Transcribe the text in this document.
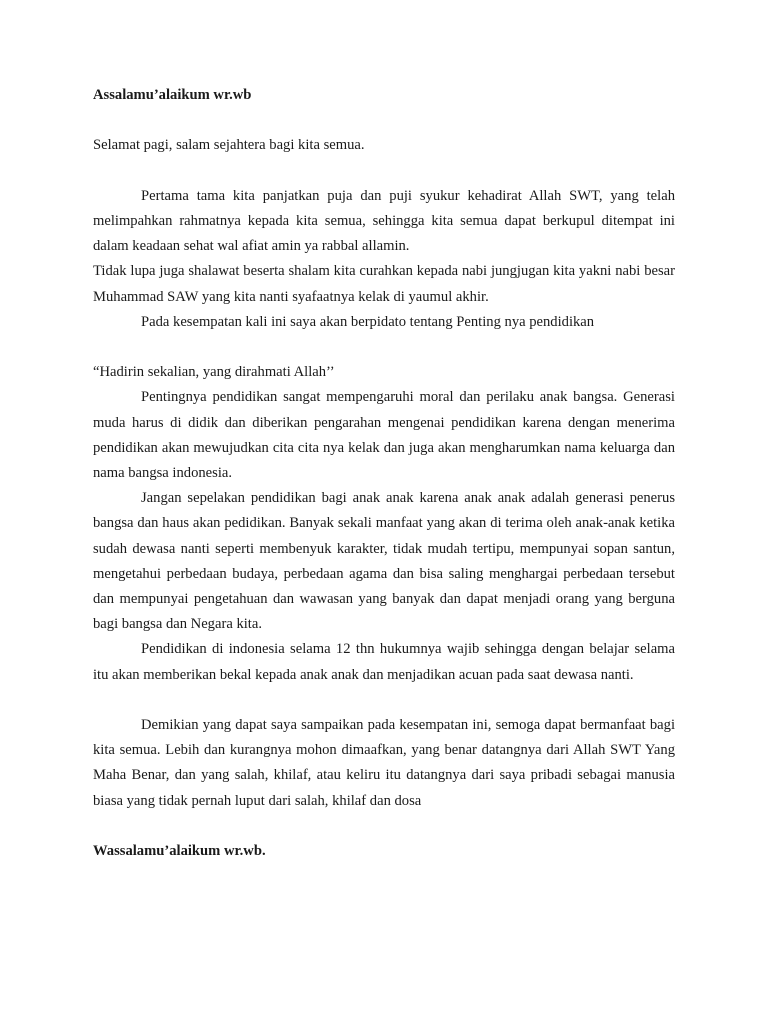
Assalamu’alaikum wr.wb

Selamat pagi, salam sejahtera bagi kita semua.

Pertama tama kita panjatkan puja dan puji syukur kehadirat Allah SWT, yang telah melimpahkan rahmatnya kepada kita semua, sehingga kita semua dapat berkupul ditempat ini dalam keadaan sehat wal afiat amin ya rabbal allamin.

Tidak lupa juga shalawat beserta shalam kita curahkan kepada nabi jungjugan kita yakni nabi besar Muhammad SAW yang kita nanti syafaatnya kelak di yaumul akhir.

Pada kesempatan kali ini saya akan berpidato tentang Penting nya pendidikan

“Hadirin sekalian, yang dirahmati Allah’’

Pentingnya pendidikan sangat mempengaruhi moral dan perilaku anak bangsa. Generasi muda harus di didik dan diberikan pengarahan mengenai pendidikan karena dengan menerima pendidikan akan mewujudkan cita cita nya kelak dan juga akan mengharumkan nama keluarga dan nama bangsa indonesia.

Jangan sepelakan pendidikan bagi anak anak karena anak anak adalah generasi penerus bangsa dan haus akan pedidikan. Banyak sekali manfaat yang akan di terima oleh anak-anak ketika sudah dewasa nanti seperti membenyuk karakter, tidak mudah tertipu, mempunyai sopan santun, mengetahui perbedaan budaya, perbedaan agama dan bisa saling menghargai perbedaan tersebut dan mempunyai pengetahuan dan wawasan yang banyak dan dapat menjadi orang yang berguna bagi bangsa dan Negara kita.

Pendidikan di indonesia selama 12 thn hukumnya wajib sehingga dengan belajar selama itu akan memberikan bekal kepada anak anak dan menjadikan acuan pada saat dewasa nanti.

Demikian yang dapat saya sampaikan pada kesempatan ini, semoga dapat bermanfaat bagi kita semua. Lebih dan kurangnya mohon dimaafkan, yang benar datangnya dari Allah SWT Yang Maha Benar, dan yang salah, khilaf, atau keliru itu datangnya dari saya pribadi sebagai manusia biasa yang tidak pernah luput dari salah, khilaf dan dosa

Wassalamu’alaikum wr.wb.
